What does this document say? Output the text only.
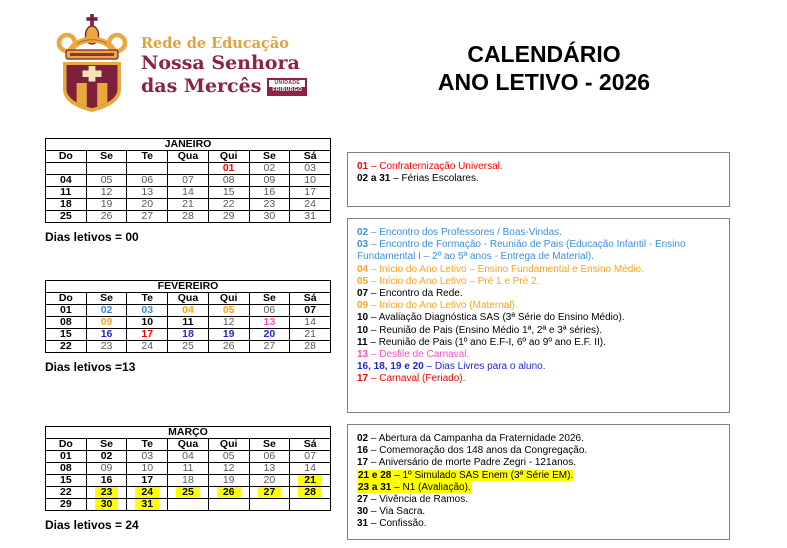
Rede de Educação
Nossa Senhora
das Mercês	UNIDADE
FRIBURGO
CALENDÁRIO
ANO LETIVO - 2026
JANEIRO						
Do	Se	Te	Qua	Qui	Se	Sá
				01	02	03
04	05	06	07	08	09	10
11	12	13	14	15	16	17
18	19	20	21	22	23	24
25	26	27	28	29	30	31
Dias letivos = 00
FEVEREIRO						
Do	Se	Te	Qua	Qui	Se	Sá
01	02	03	04	05	06	07
08	09	10	11	12	13	14
15	16	17	18	19	20	21
22	23	24	25	26	27	28
Dias letivos =13
MARÇO						
Do	Se	Te	Qua	Qui	Se	Sá
01	02	03	04	05	06	07
08	09	10	11	12	13	14
15	16	17	18	19	20	21
22	23	24	25	26	27	28
29	30	31				
Dias letivos = 24
01 – Confraternização Universal.
02 a 31 – Férias Escolares.
02 – Encontro dos Professores / Boas-Vindas.
03 – Encontro de Formação - Reunião de Pais (Educação Infantil - Ensino Fundamental I – 2º ao 5ª anos - Entrega de Material).
04 – Início do Ano Letivo – Ensino Fundamental e Ensino Médio.
05 – Início do Ano Letivo – Pré 1 e Pré 2.
07 – Encontro da Rede.
09 – Início do Ano Letivo (Maternal).
10 – Avaliação Diagnóstica SAS (3ª Série do Ensino Médio).
10 – Reunião de Pais (Ensino Médio 1ª, 2ª e 3ª séries).
11 – Reunião de Pais (1º ano E.F-I, 6º ao 9º ano E.F. II).
13 – Desfile de Carnaval.
16, 18, 19 e 20 – Dias Livres para o aluno.
17 – Carnaval (Feriado).
02 – Abertura da Campanha da Fraternidade 2026.
16 – Comemoração dos 148 anos da Congregação.
17 – Aniversário de morte Padre Zegri - 121anos.
21 e 28 – 1º Simulado SAS Enem (3ª Série EM).
23 a 31 – N1 (Avaliação).
27 – Vivência de Ramos.
30 – Via Sacra.
31 – Confissão.
